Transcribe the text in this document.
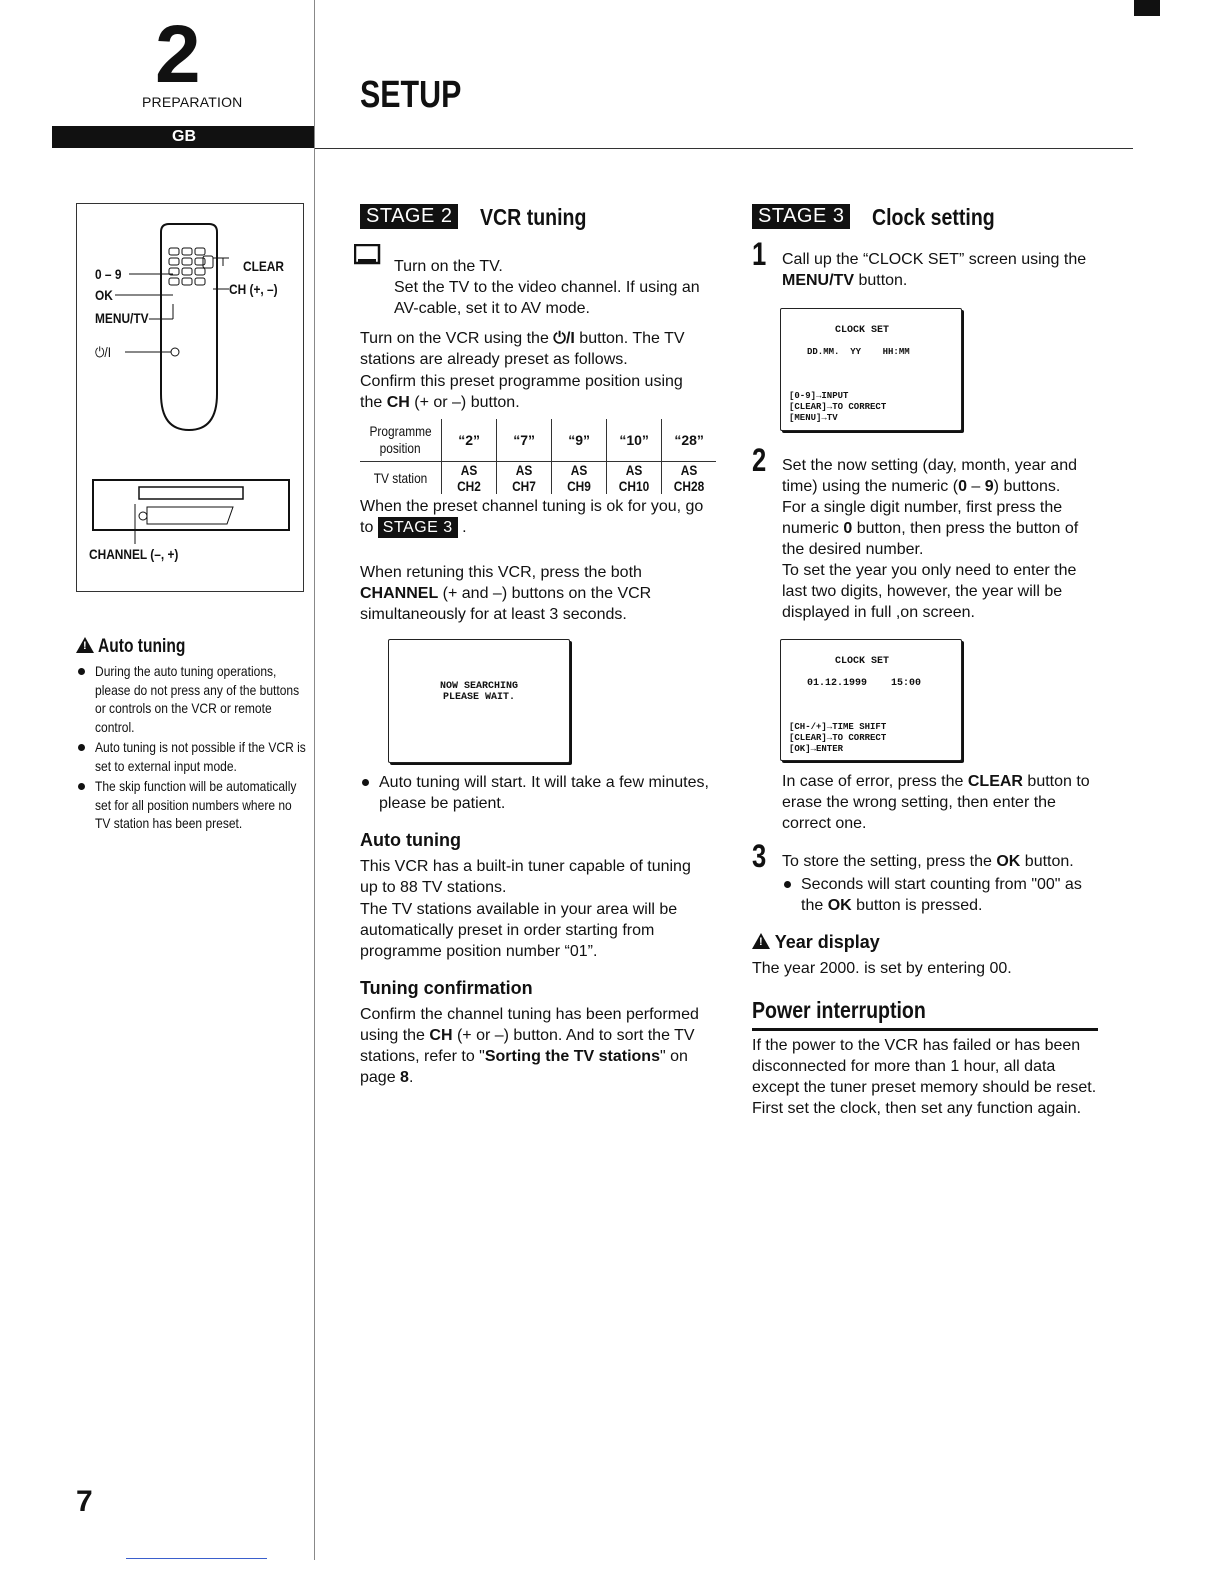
2
PREPARATION	SETUP
GB
0 – 9
OK
MENU/TV
⏻/I
CLEAR
CH (+, –)
CHANNEL (–, +)
!Auto tuning
During the auto tuning operations, please do not press any of the buttons or controls on the VCR or remote control.
Auto tuning is not possible if the VCR is set to external input mode.
The skip function will be automatically set for all position numbers where no TV station has been preset.
STAGE 2 VCR tuning
Turn on the TV.
Set the TV to the video channel. If using an AV-cable, set it to AV mode.
Turn on the VCR using the ⏻/I button. The TV stations are already preset as follows.
Confirm this preset programme position using the CH (+ or –) button.
Programme
position	“2”	“7”	“9”	“10”	“28”
TV station	AS CH2	AS CH7	AS CH9	AS CH10	AS CH28
When the preset channel tuning is ok for you, go to STAGE 3 .
When retuning this VCR, press the both CHANNEL (+ and –) buttons on the VCR simultaneously for at least 3 seconds.
NOW SEARCHING
PLEASE WAIT.
Auto tuning will start. It will take a few minutes, please be patient.
Auto tuning
This VCR has a built-in tuner capable of tuning up to 88 TV stations.
The TV stations available in your area will be automatically preset in order starting from programme position number “01”.
Tuning confirmation
Confirm the channel tuning has been performed using the CH (+ or –) button. And to sort the TV stations, refer to "Sorting the TV stations" on page 8.
STAGE 3 Clock setting
1 Call up the “CLOCK SET” screen using the MENU/TV button.
CLOCK SET
DD.MM.  YY    HH:MM
[0-9]→INPUT
[CLEAR]→TO CORRECT
[MENU]→TV
2 Set the now setting (day, month, year and time) using the numeric (0 – 9) buttons.
For a single digit number, first press the numeric 0 button, then press the button of the desired number.
To set the year you only need to enter the last two digits, however, the year will be displayed in full ,on screen.
CLOCK SET
01.12.1999    15:00
[CH-/+]→TIME SHIFT
[CLEAR]→TO CORRECT
[OK]→ENTER
In case of error, press the CLEAR button to erase the wrong setting, then enter the correct one.
3 To store the setting, press the OK button.
Seconds will start counting from "00" as the OK button is pressed.
! Year display
The year 2000. is set by entering 00.
Power interruption
If the power to the VCR has failed or has been disconnected for more than 1 hour, all data except the tuner preset memory should be reset.
First set the clock, then set any function again.
7
